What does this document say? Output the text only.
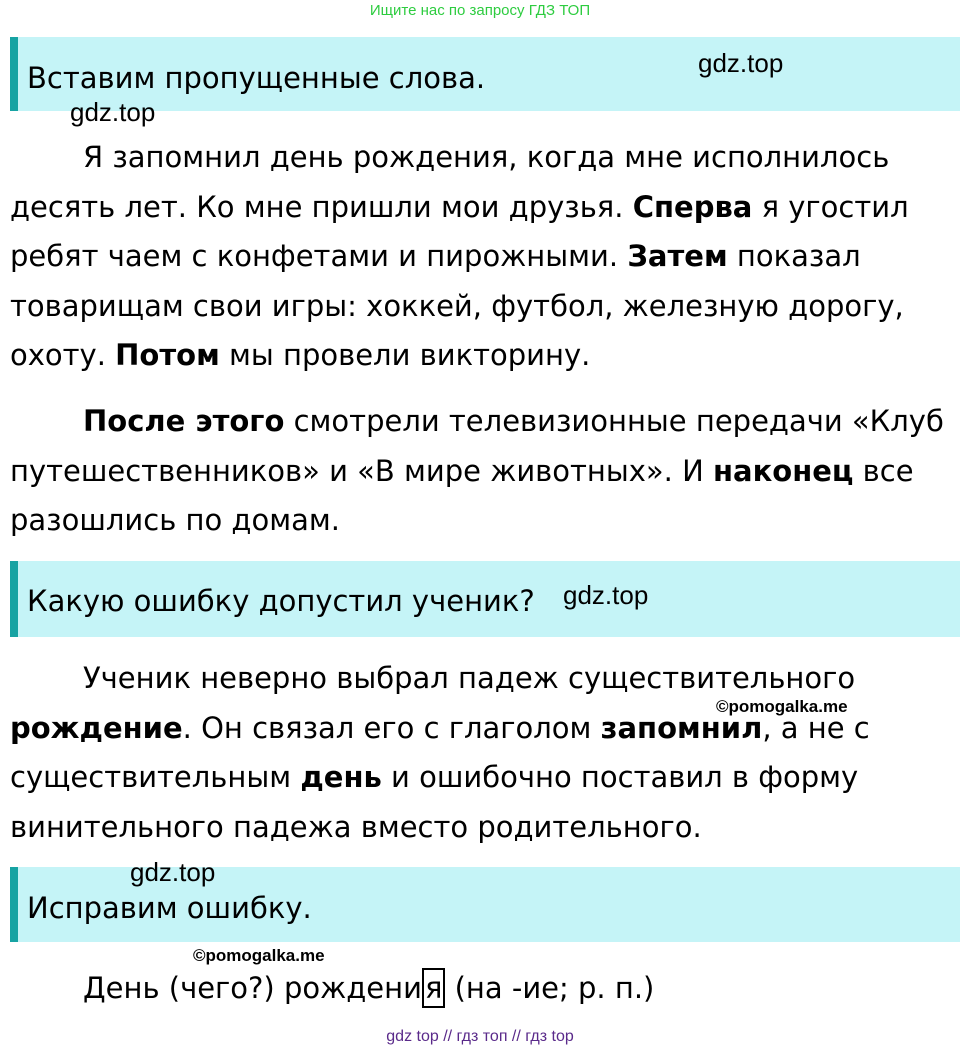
Ищите нас по запросу ГДЗ ТОП
Вставим пропущенные слова.
Я запомнил день рождения, когда мне исполнилось десять лет. Ко мне пришли мои друзья. Сперва я угостил ребят чаем с конфетами и пирожными. Затем показал товарищам свои игры: хоккей, футбол, железную дорогу, охоту. Потом мы провели викторину.
После этого смотрели телевизионные передачи «Клуб путешественников» и «В мире животных». И наконец все разошлись по домам.
Какую ошибку допустил ученик?
Ученик неверно выбрал падеж существительного рождение. Он связал его с глаголом запомнил, а не с существительным день и ошибочно поставил в форму винительного падежа вместо родительного.
Исправим ошибку.
День (чего?) рождени я (на -ие; р. п.)
gdz.top
gdz.top
gdz.top
gdz.top
©pomogalka.me
©pomogalka.me
gdz top // гдз топ // гдз top
